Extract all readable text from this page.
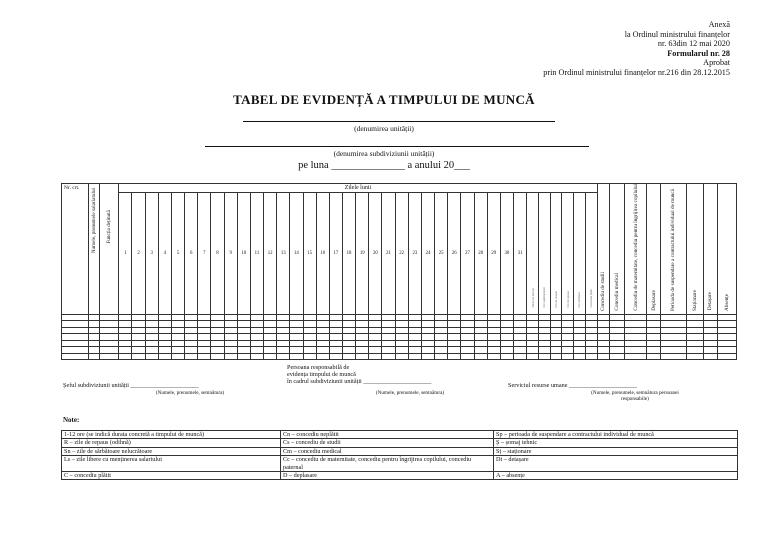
Anexă
la Ordinul ministrului finanțelor
nr. 63din 12 mai 2020
Formularul nr. 28
Aprobat
prin Ordinul ministrului finanțelor nr.216 din 28.12.2015
TABEL DE EVIDENȚĂ A TIMPULUI DE MUNCĂ
(denumirea unității)
(denumirea subdiviziunii unității)
pe luna ______________ a anului 20___
Nr. crt.	Numele, prenumele salariatului	Funcția deținută	Zilele lunii																																					Concediu de studii	Concediu medical	Concediu de maternitate, concediu pentru îngrijirea copilului	Deplasare	Perioada de suspendare a contractului individual de muncă	Staționare	Detașare	Absențe

			1	2	3	4	5	6	7	8	9	10	11	12	13	14	15	16	17	18	19	20	21	22	23	24	25	26	27	28	29	30	31	Total ore lucrate	Ore suplimentare	Ore de noapte	Ore de repaus	Ore sărbători	Concediu plătit								

Șeful subdiviziunii unității ______________________
(Numele, prenumele, semnătura)
Persoana responsabilă de
evidența timpului de muncă
în cadrul subdiviziunii unității ______________________
(Numele, prenumele, semnătura)
Serviciul resurse umane ______________________
(Numele, prenumele, semnătura persoanei responsabile)
Note:
1-12 ore (se indică durata concretă a timpului de muncă)	Cn – concediu neplătit	Sp – perioada de suspendare a contractului individual de muncă
R – zile de repaus (odihnă)	Cs – concediu de studii	Ș – șomaj tehnic
Sn – zile de sărbătoare nelucrătoare	Cm – concediu medical	Sț – staționare
Ls – zile libere cu menținerea salariului	Cc – concediu de maternitate, concediu pentru îngrijirea copilului, concediu paternal	Dt – detașare
C – concediu plătit	D – deplasare	A – absențe
